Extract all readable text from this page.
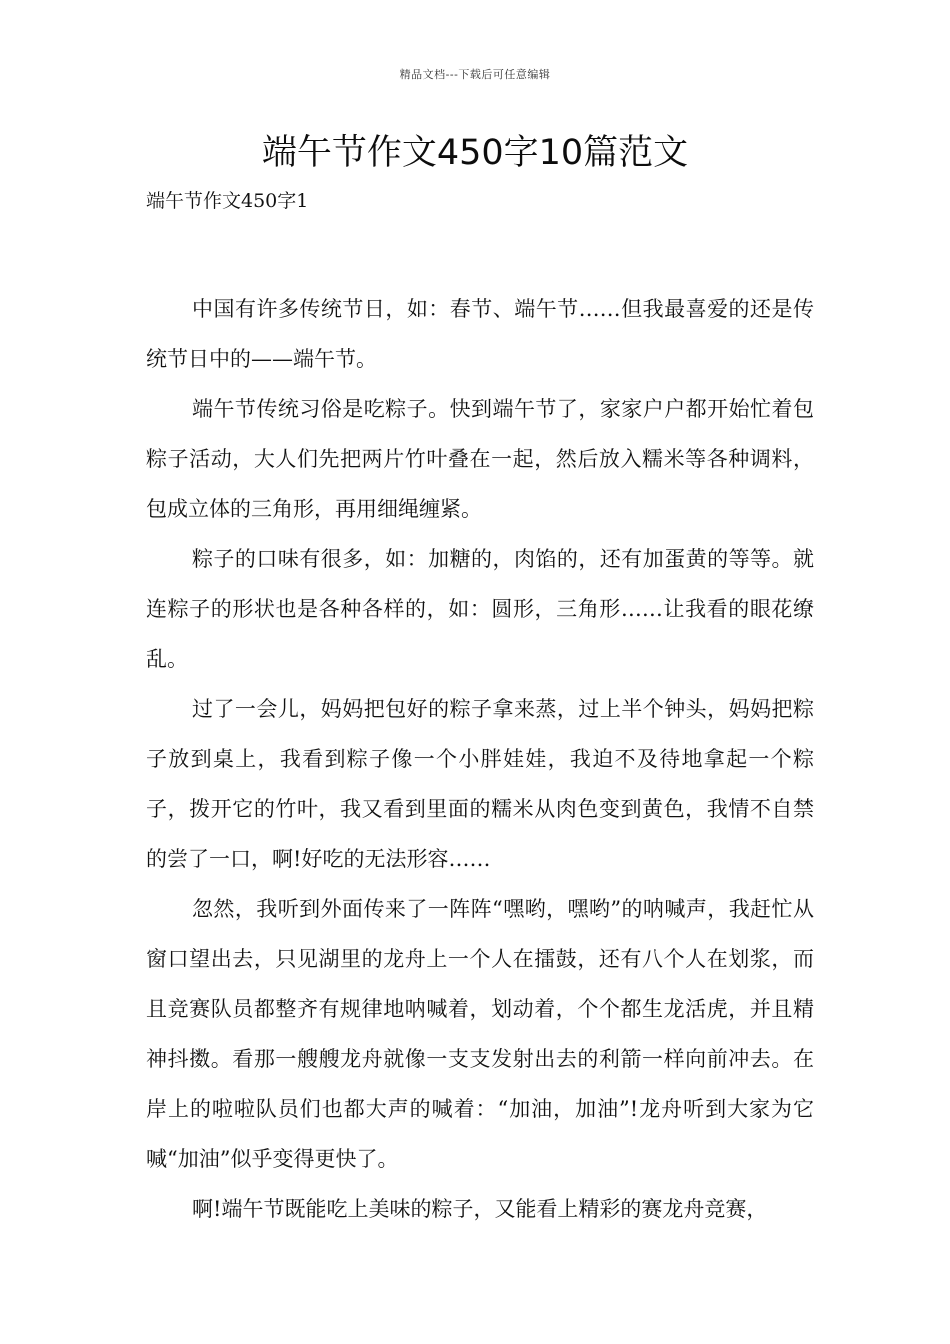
精品文档---下载后可任意编辑
端午节作文450字10篇范文
端午节作文450字1

中国有许多传统节日，如：春节、端午节……但我最喜爱的还是传统节日中的——端午节。

端午节传统习俗是吃粽子。快到端午节了，家家户户都开始忙着包粽子活动，大人们先把两片竹叶叠在一起，然后放入糯米等各种调料，包成立体的三角形，再用细绳缠紧。

粽子的口味有很多，如：加糖的，肉馅的，还有加蛋黄的等等。就连粽子的形状也是各种各样的，如：圆形，三角形……让我看的眼花缭乱。

过了一会儿，妈妈把包好的粽子拿来蒸，过上半个钟头，妈妈把粽子放到桌上，我看到粽子像一个小胖娃娃，我迫不及待地拿起一个粽子，拨开它的竹叶，我又看到里面的糯米从肉色变到黄色，我情不自禁的尝了一口，啊!好吃的无法形容……

忽然，我听到外面传来了一阵阵“嘿哟，嘿哟”的呐喊声，我赶忙从窗口望出去，只见湖里的龙舟上一个人在擂鼓，还有八个人在划浆，而且竞赛队员都整齐有规律地呐喊着，划动着，个个都生龙活虎，并且精神抖擞。看那一艘艘龙舟就像一支支发射出去的利箭一样向前冲去。在岸上的啦啦队员们也都大声的喊着：“加油，加油”!龙舟听到大家为它喊“加油”似乎变得更快了。

啊!端午节既能吃上美味的粽子，又能看上精彩的赛龙舟竞赛，
